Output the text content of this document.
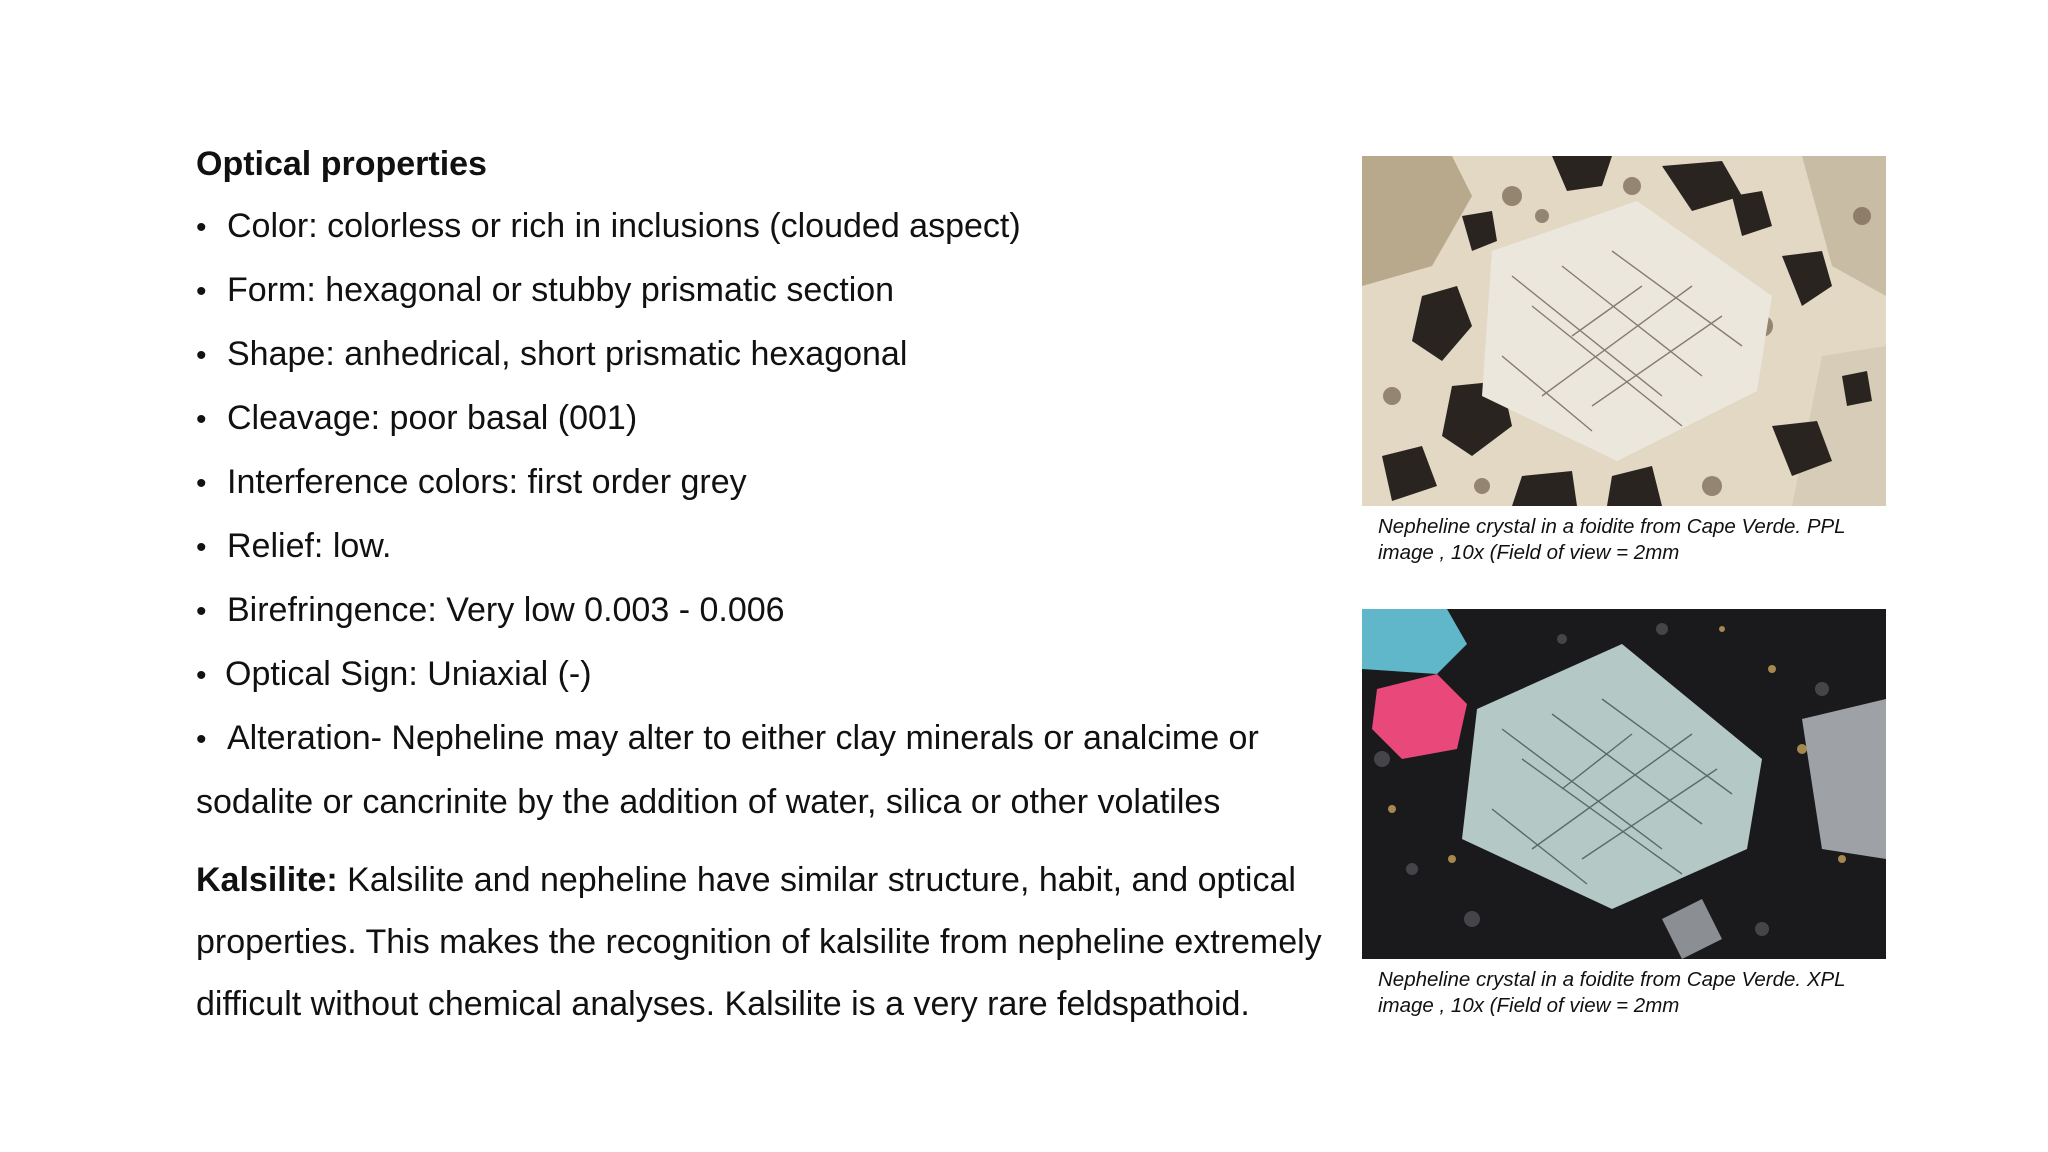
Optical properties
• Color: colorless or rich in inclusions (clouded aspect)
• Form: hexagonal or stubby prismatic section
• Shape: anhedrical, short prismatic hexagonal
• Cleavage: poor basal (001)
• Interference colors: first order grey
• Relief: low.
• Birefringence: Very low 0.003 - 0.006
• Optical Sign: Uniaxial (-)
• Alteration- Nepheline may alter to either clay minerals or analcime or sodalite or cancrinite by the addition of water, silica or other volatiles

Kalsilite: Kalsilite and nepheline have similar structure, habit, and optical properties. This makes the recognition of kalsilite from nepheline extremely difficult without chemical analyses. Kalsilite is a very rare feldspathoid.

Nepheline crystal in a foidite from Cape Verde. PPL image , 10x (Field of view = 2mm
Nepheline crystal in a foidite from Cape Verde. XPL image , 10x (Field of view = 2mm
